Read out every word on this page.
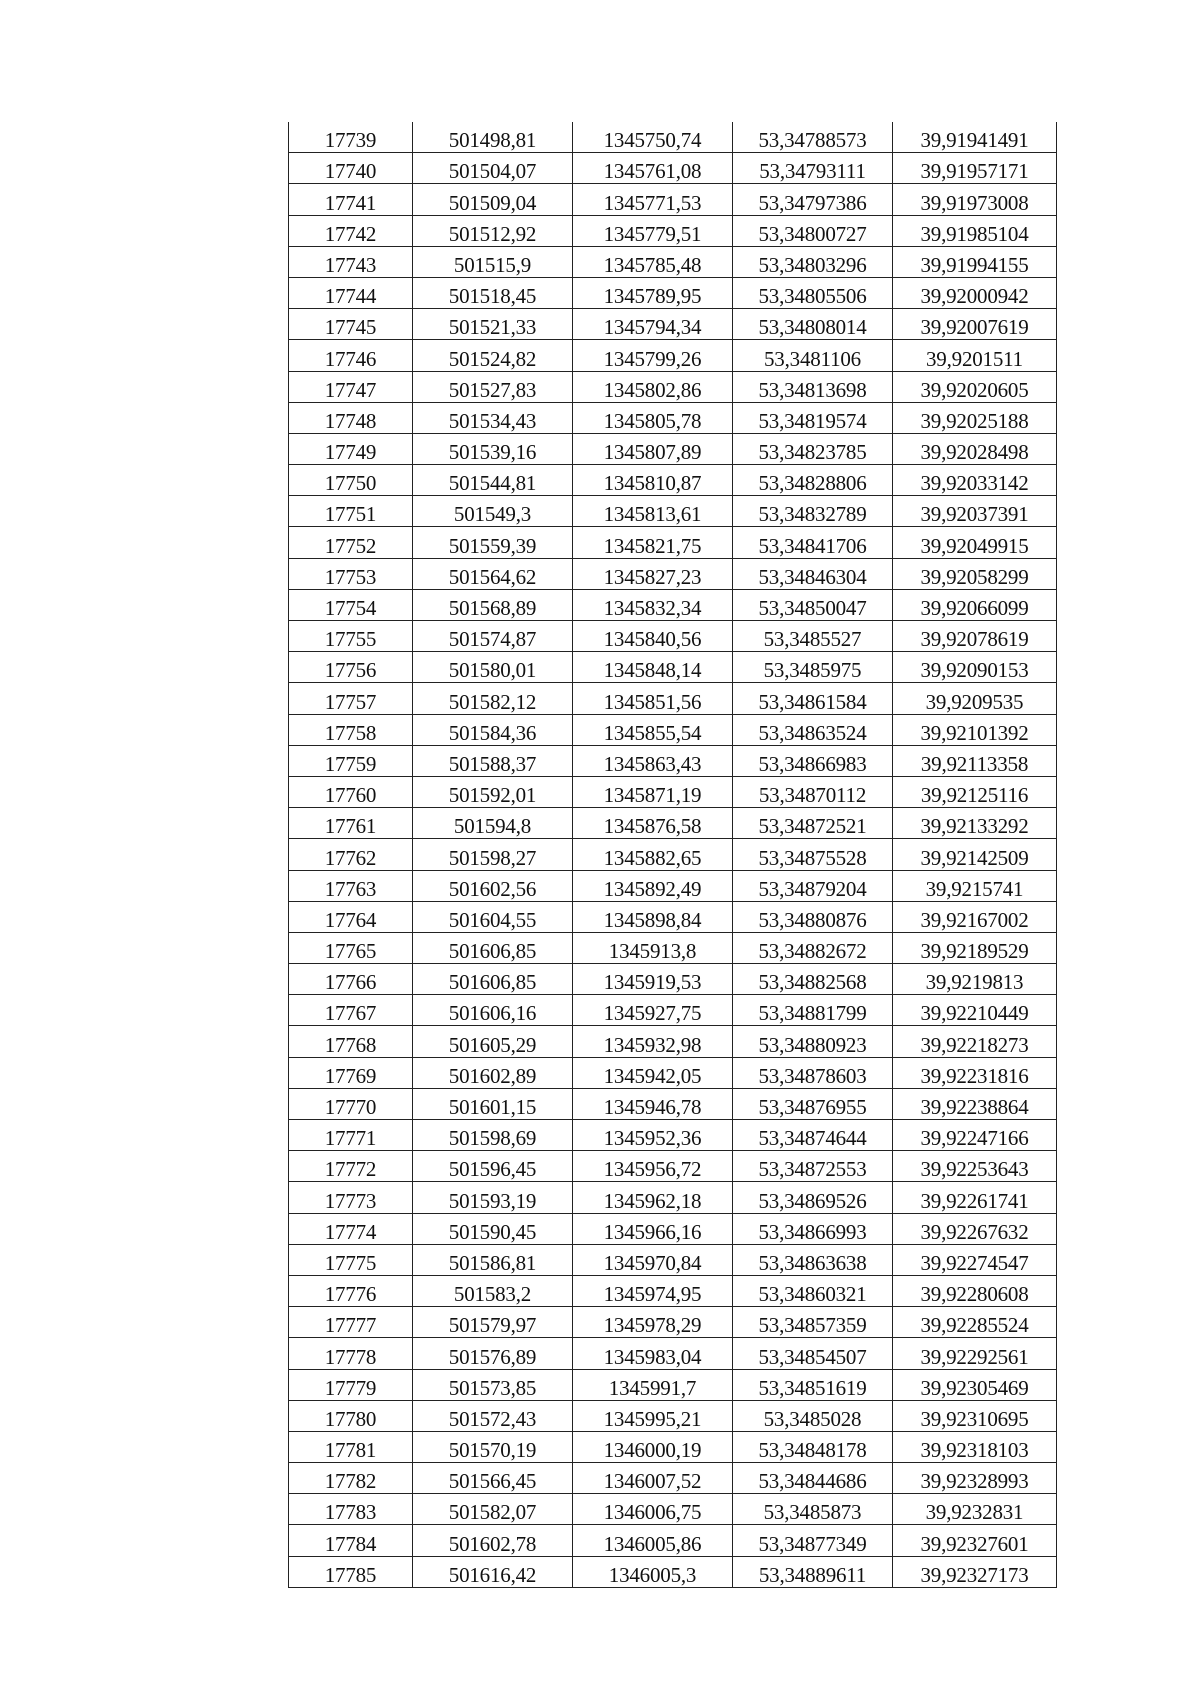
17739	501498,81	1345750,74	53,34788573	39,91941491
17740	501504,07	1345761,08	53,34793111	39,91957171
17741	501509,04	1345771,53	53,34797386	39,91973008
17742	501512,92	1345779,51	53,34800727	39,91985104
17743	501515,9	1345785,48	53,34803296	39,91994155
17744	501518,45	1345789,95	53,34805506	39,92000942
17745	501521,33	1345794,34	53,34808014	39,92007619
17746	501524,82	1345799,26	53,3481106	39,9201511
17747	501527,83	1345802,86	53,34813698	39,92020605
17748	501534,43	1345805,78	53,34819574	39,92025188
17749	501539,16	1345807,89	53,34823785	39,92028498
17750	501544,81	1345810,87	53,34828806	39,92033142
17751	501549,3	1345813,61	53,34832789	39,92037391
17752	501559,39	1345821,75	53,34841706	39,92049915
17753	501564,62	1345827,23	53,34846304	39,92058299
17754	501568,89	1345832,34	53,34850047	39,92066099
17755	501574,87	1345840,56	53,3485527	39,92078619
17756	501580,01	1345848,14	53,3485975	39,92090153
17757	501582,12	1345851,56	53,34861584	39,9209535
17758	501584,36	1345855,54	53,34863524	39,92101392
17759	501588,37	1345863,43	53,34866983	39,92113358
17760	501592,01	1345871,19	53,34870112	39,92125116
17761	501594,8	1345876,58	53,34872521	39,92133292
17762	501598,27	1345882,65	53,34875528	39,92142509
17763	501602,56	1345892,49	53,34879204	39,9215741
17764	501604,55	1345898,84	53,34880876	39,92167002
17765	501606,85	1345913,8	53,34882672	39,92189529
17766	501606,85	1345919,53	53,34882568	39,9219813
17767	501606,16	1345927,75	53,34881799	39,92210449
17768	501605,29	1345932,98	53,34880923	39,92218273
17769	501602,89	1345942,05	53,34878603	39,92231816
17770	501601,15	1345946,78	53,34876955	39,92238864
17771	501598,69	1345952,36	53,34874644	39,92247166
17772	501596,45	1345956,72	53,34872553	39,92253643
17773	501593,19	1345962,18	53,34869526	39,92261741
17774	501590,45	1345966,16	53,34866993	39,92267632
17775	501586,81	1345970,84	53,34863638	39,92274547
17776	501583,2	1345974,95	53,34860321	39,92280608
17777	501579,97	1345978,29	53,34857359	39,92285524
17778	501576,89	1345983,04	53,34854507	39,92292561
17779	501573,85	1345991,7	53,34851619	39,92305469
17780	501572,43	1345995,21	53,3485028	39,92310695
17781	501570,19	1346000,19	53,34848178	39,92318103
17782	501566,45	1346007,52	53,34844686	39,92328993
17783	501582,07	1346006,75	53,3485873	39,9232831
17784	501602,78	1346005,86	53,34877349	39,92327601
17785	501616,42	1346005,3	53,34889611	39,92327173
